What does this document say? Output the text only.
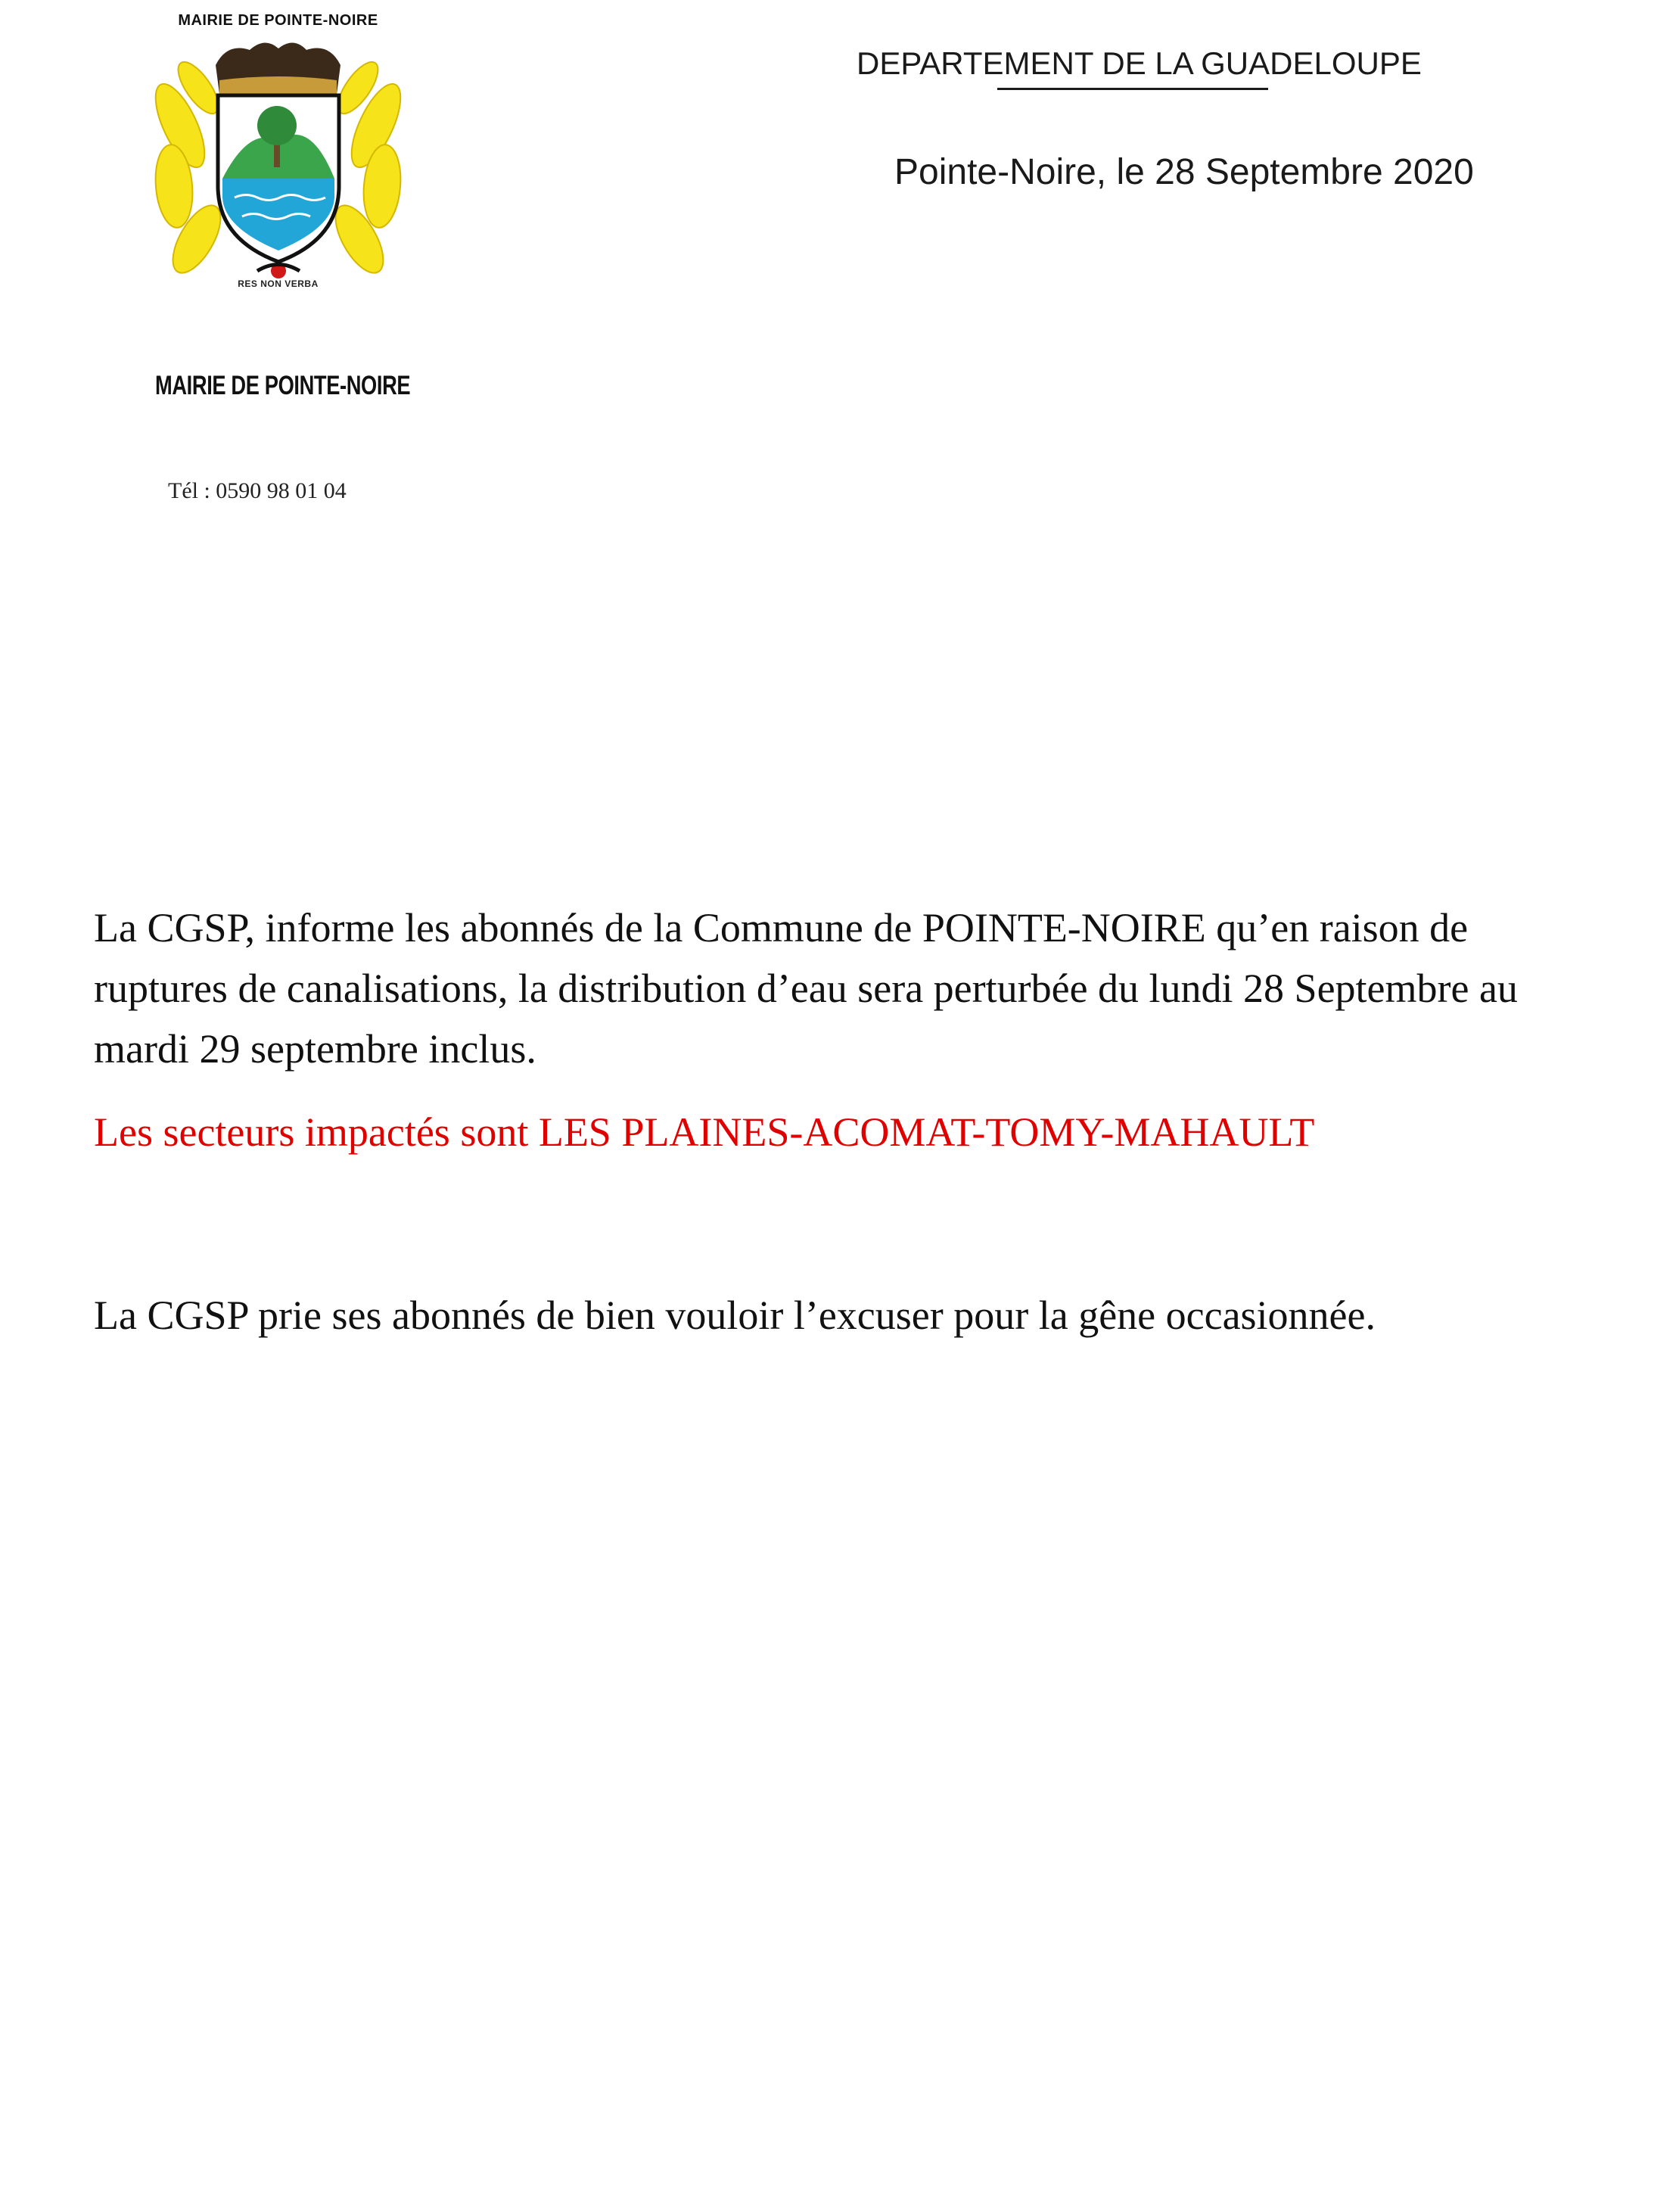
MAIRIE DE POINTE-NOIRE
RES NON VERBA
MAIRIE DE POINTE-NOIRE
Tél : 0590 98 01 04
DEPARTEMENT DE LA GUADELOUPE
Pointe-Noire, le 28 Septembre 2020
La CGSP, informe les abonnés de la Commune de POINTE-NOIRE qu’en raison de ruptures de canalisations, la distribution d’eau sera perturbée du lundi 28 Septembre au mardi 29 septembre inclus.
Les secteurs impactés sont LES PLAINES-ACOMAT-TOMY-MAHAULT
La CGSP prie ses abonnés de bien vouloir l’excuser pour la gêne occasionnée.
